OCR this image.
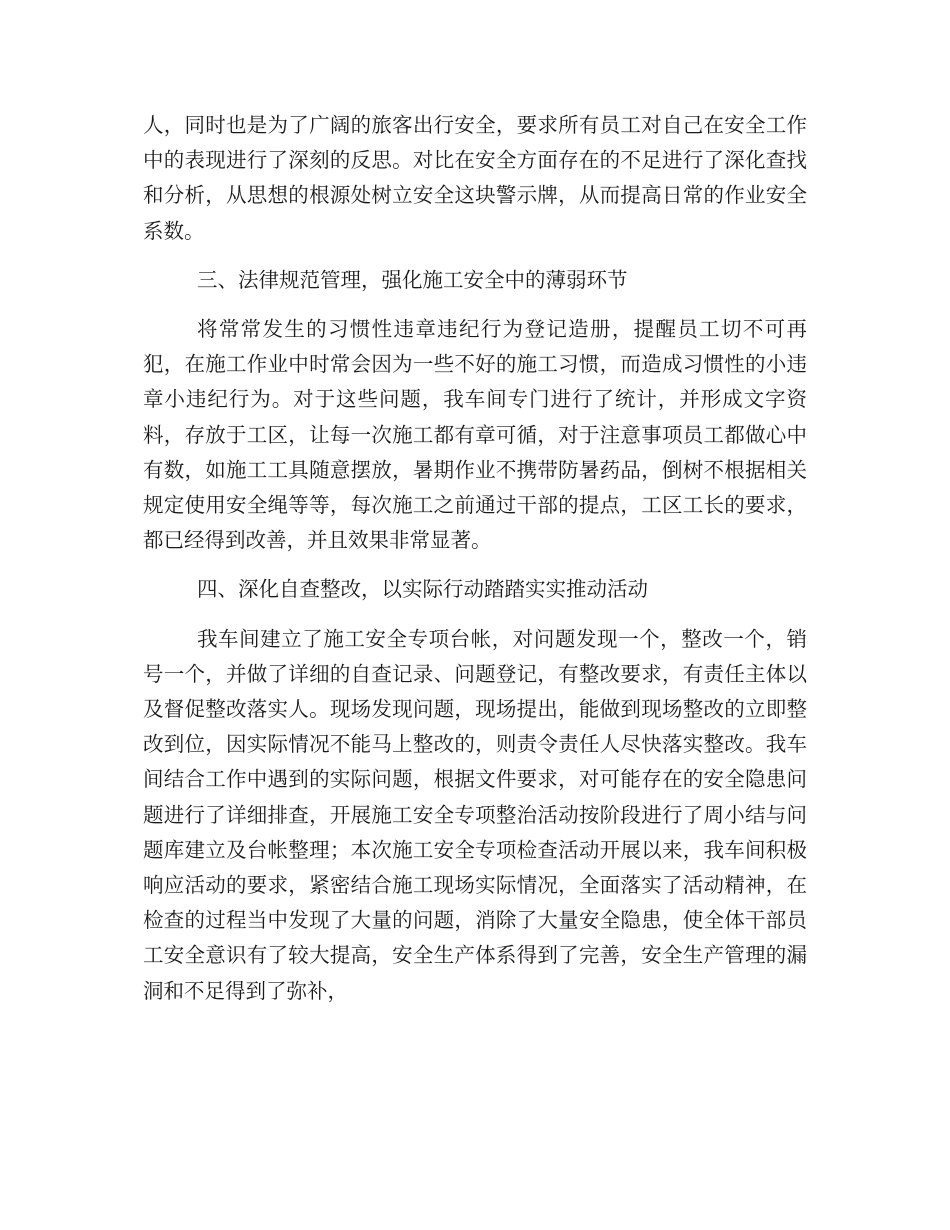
人，同时也是为了广阔的旅客出行安全，要求所有员工对自己在安全工作中的表现进行了深刻的反思。对比在安全方面存在的不足进行了深化查找和分析，从思想的根源处树立安全这块警示牌，从而提高日常的作业安全系数。

三、法律规范管理，强化施工安全中的薄弱环节

将常常发生的习惯性违章违纪行为登记造册，提醒员工切不可再犯，在施工作业中时常会因为一些不好的施工习惯，而造成习惯性的小违章小违纪行为。对于这些问题，我车间专门进行了统计，并形成文字资料，存放于工区，让每一次施工都有章可循，对于注意事项员工都做心中有数，如施工工具随意摆放，暑期作业不携带防暑药品，倒树不根据相关规定使用安全绳等等，每次施工之前通过干部的提点，工区工长的要求，都已经得到改善，并且效果非常显著。

四、深化自查整改，以实际行动踏踏实实推动活动

我车间建立了施工安全专项台帐，对问题发现一个，整改一个，销号一个，并做了详细的自查记录、问题登记，有整改要求，有责任主体以及督促整改落实人。现场发现问题，现场提出，能做到现场整改的立即整改到位，因实际情况不能马上整改的，则责令责任人尽快落实整改。我车间结合工作中遇到的实际问题，根据文件要求，对可能存在的安全隐患问题进行了详细排查，开展施工安全专项整治活动按阶段进行了周小结与问题库建立及台帐整理；本次施工安全专项检查活动开展以来，我车间积极响应活动的要求，紧密结合施工现场实际情况，全面落实了活动精神，在检查的过程当中发现了大量的问题，消除了大量安全隐患，使全体干部员工安全意识有了较大提高，安全生产体系得到了完善，安全生产管理的漏洞和不足得到了弥补，
